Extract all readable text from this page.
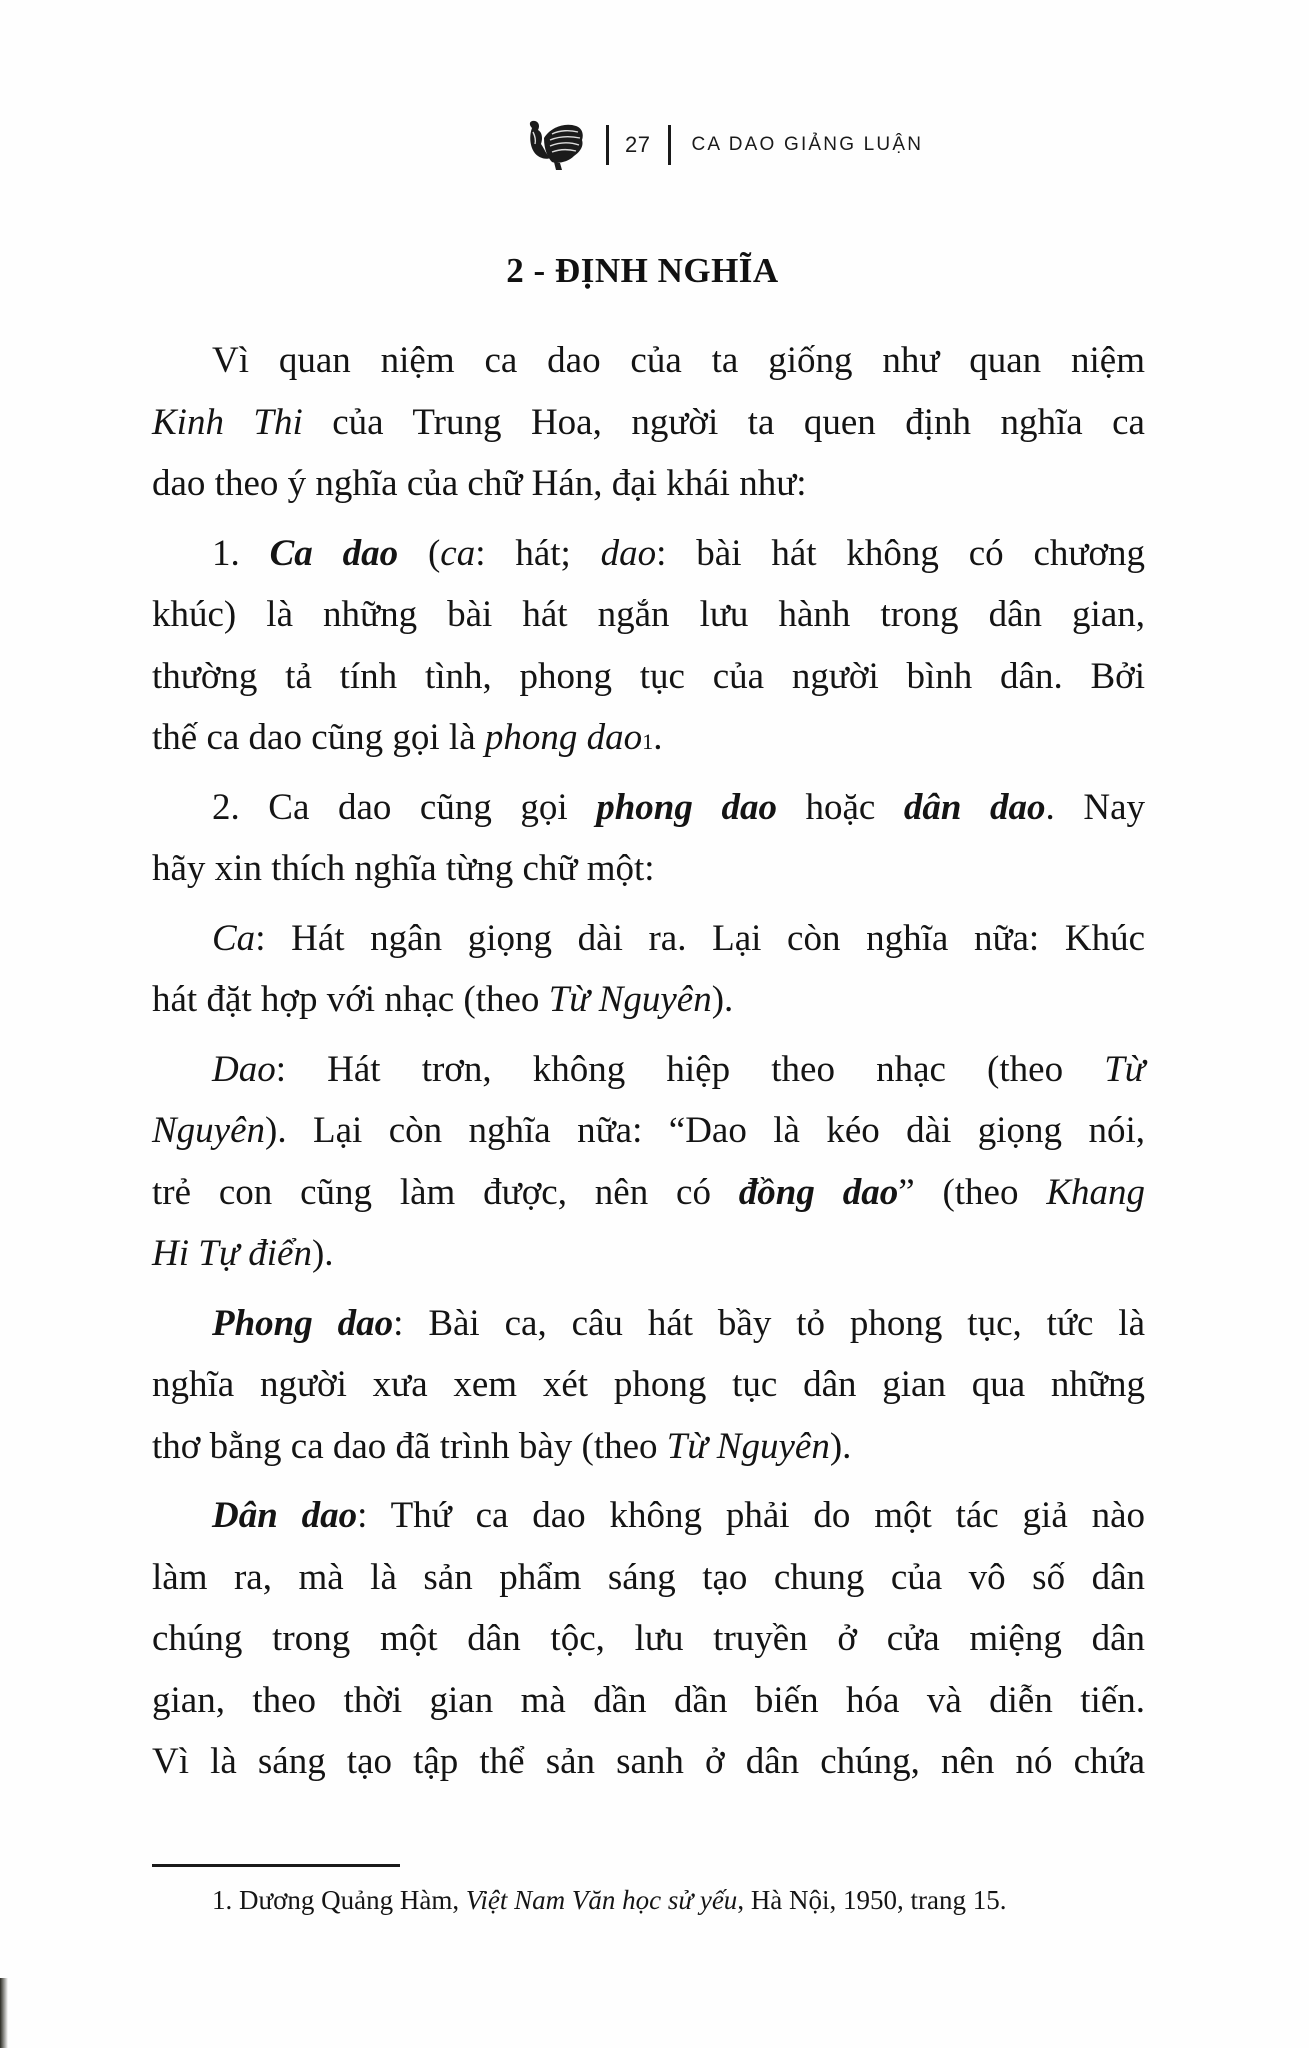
27 CA DAO GIẢNG LUẬN
2 - ĐỊNH NGHĨA
Vì quan niệm ca dao của ta giống như quan niệm
Kinh Thi của Trung Hoa, người ta quen định nghĩa ca
dao theo ý nghĩa của chữ Hán, đại khái như:
1. Ca dao (ca: hát; dao: bài hát không có chương
khúc) là những bài hát ngắn lưu hành trong dân gian,
thường tả tính tình, phong tục của người bình dân. Bởi
thế ca dao cũng gọi là phong dao$^1$.
2. Ca dao cũng gọi phong dao hoặc dân dao. Nay
hãy xin thích nghĩa từng chữ một:
Ca: Hát ngân giọng dài ra. Lại còn nghĩa nữa: Khúc
hát đặt hợp với nhạc (theo Từ Nguyên).
Dao: Hát trơn, không hiệp theo nhạc (theo Từ
Nguyên). Lại còn nghĩa nữa: “Dao là kéo dài giọng nói,
trẻ con cũng làm được, nên có đồng dao” (theo Khang
Hi Tự điển).
Phong dao: Bài ca, câu hát bầy tỏ phong tục, tức là
nghĩa người xưa xem xét phong tục dân gian qua những
thơ bằng ca dao đã trình bày (theo Từ Nguyên).
Dân dao: Thứ ca dao không phải do một tác giả nào
làm ra, mà là sản phẩm sáng tạo chung của vô số dân
chúng trong một dân tộc, lưu truyền ở cửa miệng dân
gian, theo thời gian mà dần dần biến hóa và diễn tiến.
Vì là sáng tạo tập thể sản sanh ở dân chúng, nên nó chứa
1. Dương Quảng Hàm, Việt Nam Văn học sử yếu, Hà Nội, 1950, trang 15.
